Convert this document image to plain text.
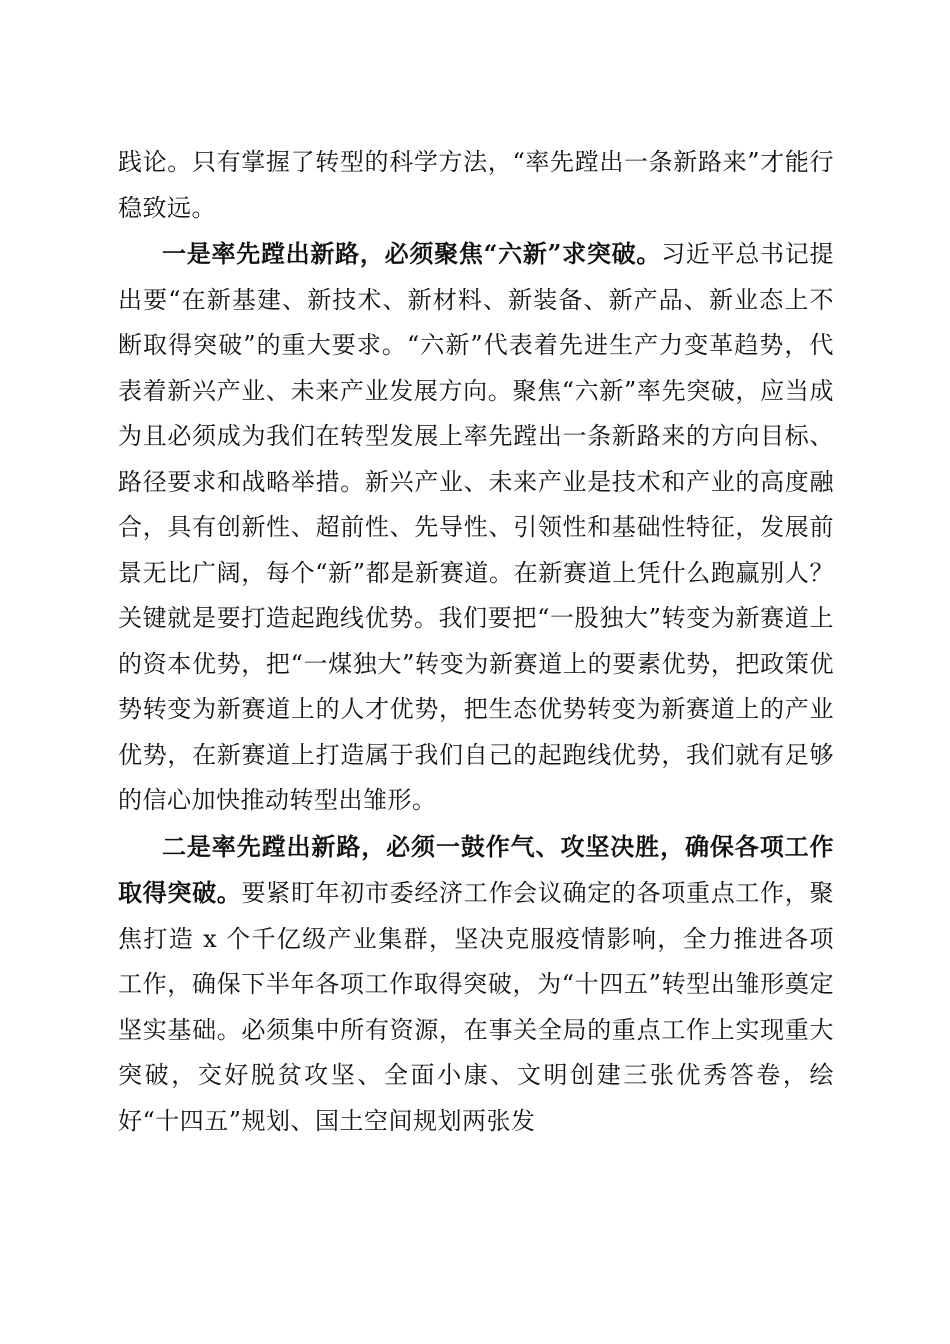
践论。只有掌握了转型的科学方法，“率先蹚出一条新路来”才能行稳致远。

一是率先蹚出新路，必须聚焦“六新”求突破。习近平总书记提出要“在新基建、新技术、新材料、新装备、新产品、新业态上不断取得突破”的重大要求。“六新”代表着先进生产力变革趋势，代表着新兴产业、未来产业发展方向。聚焦“六新”率先突破，应当成为且必须成为我们在转型发展上率先蹚出一条新路来的方向目标、路径要求和战略举措。新兴产业、未来产业是技术和产业的高度融合，具有创新性、超前性、先导性、引领性和基础性特征，发展前景无比广阔，每个“新”都是新赛道。在新赛道上凭什么跑赢别人？关键就是要打造起跑线优势。我们要把“一股独大”转变为新赛道上的资本优势，把“一煤独大”转变为新赛道上的要素优势，把政策优势转变为新赛道上的人才优势，把生态优势转变为新赛道上的产业优势，在新赛道上打造属于我们自己的起跑线优势，我们就有足够的信心加快推动转型出雏形。

二是率先蹚出新路，必须一鼓作气、攻坚决胜，确保各项工作取得突破。要紧盯年初市委经济工作会议确定的各项重点工作，聚焦打造 x 个千亿级产业集群，坚决克服疫情影响，全力推进各项工作，确保下半年各项工作取得突破，为“十四五”转型出雏形奠定坚实基础。必须集中所有资源，在事关全局的重点工作上实现重大突破，交好脱贫攻坚、全面小康、文明创建三张优秀答卷，绘好“十四五”规划、国土空间规划两张发
